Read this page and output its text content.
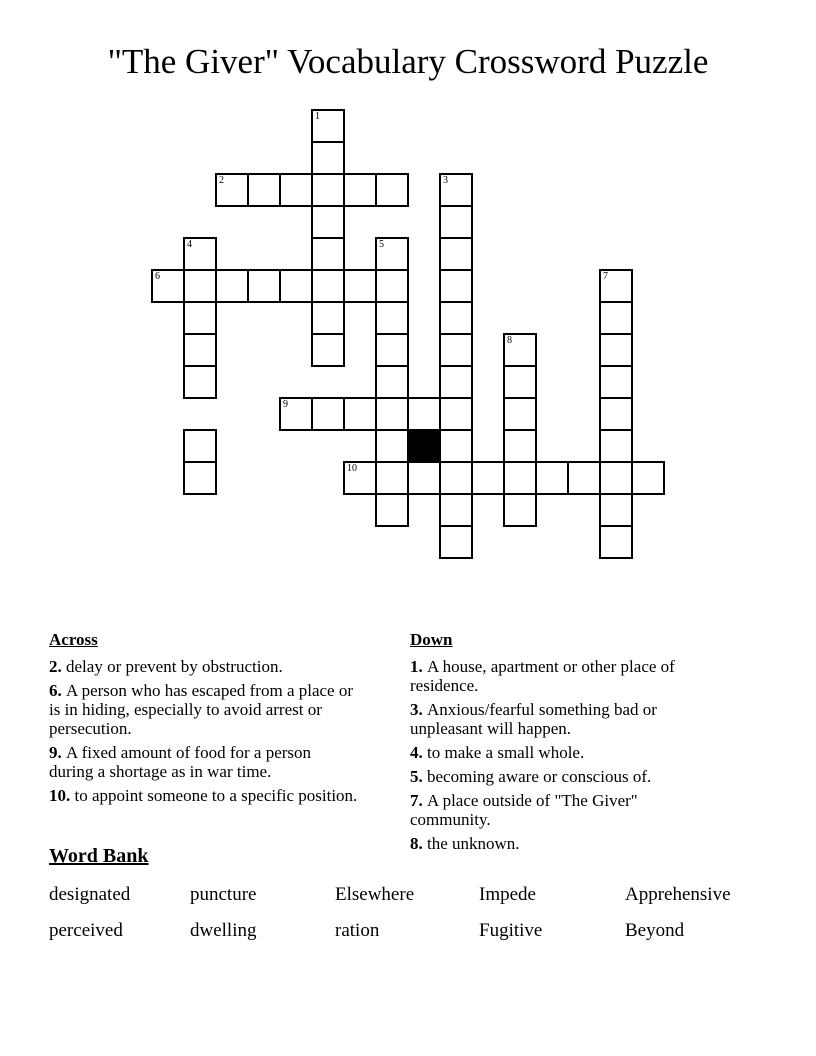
"The Giver" Vocabulary Crossword Puzzle
1
2	3
4	5
6	7
8
9
10
Across

2. delay or prevent by obstruction.

6. A person who has escaped from a place or
is in hiding, especially to avoid arrest or
persecution.

9. A fixed amount of food for a person
during a shortage as in war time.

10. to appoint someone to a specific position.

Down

1. A house, apartment or other place of
residence.

3. Anxious/fearful something bad or
unpleasant will happen.

4. to make a small whole.

5. becoming aware or conscious of.

7. A place outside of "The Giver"
community.

8. the unknown.

Word Bank
designated	puncture	Elsewhere	Impede	Apprehensive
perceived	dwelling	ration	Fugitive	Beyond
